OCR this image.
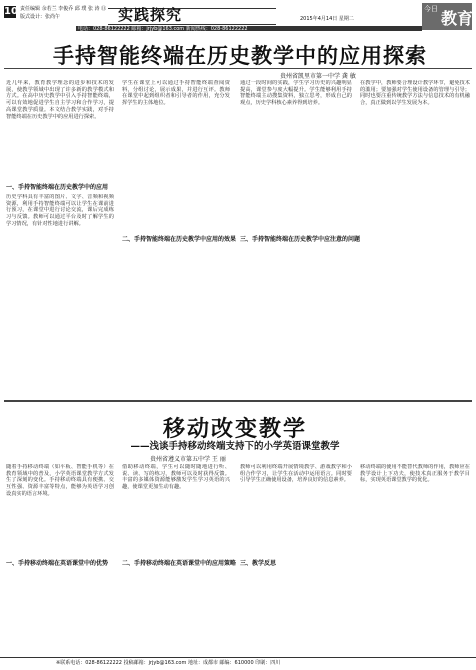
10 责任编辑 余若兰 李俊乔 邱 璞 张 涛 ⑪
版式设计：张尚午	实践探究	2015年4月14日 星期二
今日 教育
电话：028-86122222 邮箱：jrjyb@163.com 新闻热线：028-86122222
手持智能终端在历史教学中的应用探索
贵州省凯里市第一中学 龚 敏
近几年来，教育教学理念的进步和技术的发展，使教学领域中出现了许多新的教学模式和方式。在高中历史教学中引入手持智能终端，可以有效地促进学生自主学习和合作学习，提高课堂教学质量。本文结合教学实践，对手持智能终端在历史教学中的应用进行探索。
一、手持智能终端在历史教学中的应用
历史学科具有丰富的图片、文字、音频和视频资源，利用手持智能终端可以让学生在课前进行预习，在课堂中进行讨论交流，课后完成练习与反馈。教师可以通过平台及时了解学生的学习情况，有针对性地进行讲解。
学生在课堂上可以通过手持智能终端查阅资料，分组讨论，展示成果，并进行互评。教师在课堂中起到组织者和引导者的作用，充分发挥学生的主体地位。
二、手持智能终端在历史教学中应用的效果
通过一段时间的实践，学生学习历史的兴趣明显提高，课堂参与度大幅提升。学生能够利用手持智能终端主动搜集资料，独立思考，形成自己的观点，历史学科核心素养得到培养。
三、手持智能终端在历史教学中应注意的问题
在教学中，教师要合理设计教学环节，避免技术的滥用；要加强对学生使用设备的管理与引导；同时也要注重传统教学方法与信息技术的有机融合，真正做到以学生发展为本。
移动改变教学
——浅谈手持移动终端支持下的小学英语课堂教学
贵州省遵义市第五中学 王 丽
随着手持移动终端（如平板、智能手机等）在教育领域中的普及，小学英语课堂教学方式发生了深刻的变化。手持移动终端具有便携、交互性强、资源丰富等特点，能够为英语学习创设真实的语言环境。
一、手持移动终端在英语课堂中的优势
借助移动终端，学生可以随时随地进行听、说、读、写的练习，教师可以及时获得反馈。丰富的多媒体资源能够激发学生学习英语的兴趣，使课堂更加生动有趣。
二、手持移动终端在英语课堂中的应用策略
教师可以利用终端开展情境教学、游戏教学和小组合作学习，让学生在活动中运用语言。同时要引导学生正确使用设备，培养良好的信息素养。
三、教学反思
移动终端的使用不能替代教师的作用，教师应在教学设计上下功夫，使技术真正服务于教学目标，实现英语课堂教学的优化。
※联系电话：028-86122222 投稿邮箱：jrjyb@163.com 地址：成都市 邮编：610000 印刷：四川
